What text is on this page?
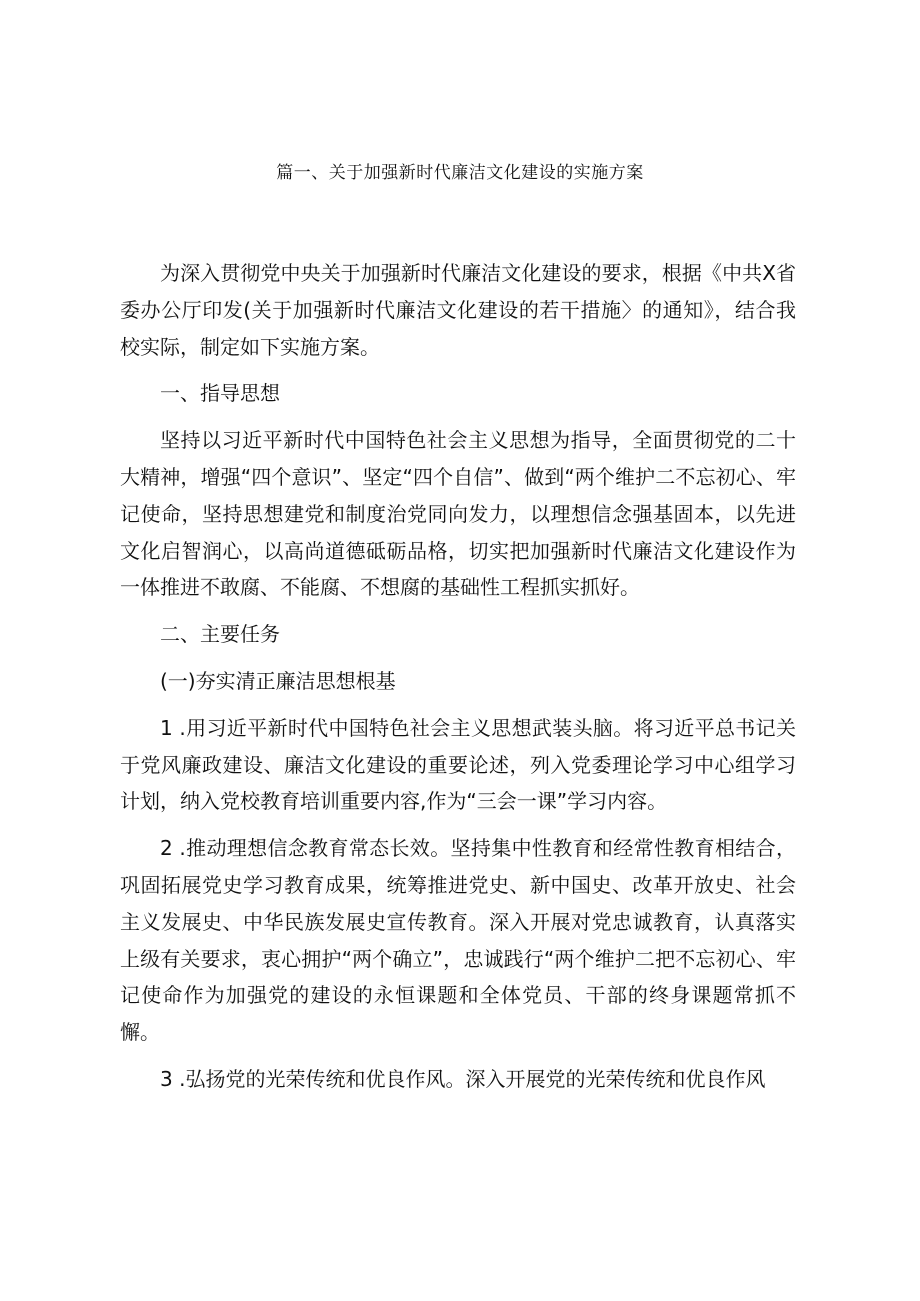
篇一、关于加强新时代廉洁文化建设的实施方案

为深入贯彻党中央关于加强新时代廉洁文化建设的要求，根据《中共X省委办公厅印发(关于加强新时代廉洁文化建设的若干措施〉的通知》，结合我校实际，制定如下实施方案。

一、指导思想

坚持以习近平新时代中国特色社会主义思想为指导，全面贯彻党的二十大精神，增强“四个意识”、坚定“四个自信”、做到“两个维护二不忘初心、牢记使命，坚持思想建党和制度治党同向发力，以理想信念强基固本，以先进文化启智润心，以高尚道德砥砺品格，切实把加强新时代廉洁文化建设作为一体推进不敢腐、不能腐、不想腐的基础性工程抓实抓好。

二、主要任务

(一)夯实清正廉洁思想根基

1 .用习近平新时代中国特色社会主义思想武装头脑。将习近平总书记关于党风廉政建设、廉洁文化建设的重要论述，列入党委理论学习中心组学习计划，纳入党校教育培训重要内容,作为“三会一课”学习内容。

2 .推动理想信念教育常态长效。坚持集中性教育和经常性教育相结合，巩固拓展党史学习教育成果，统筹推进党史、新中国史、改革开放史、社会主义发展史、中华民族发展史宣传教育。深入开展对党忠诚教育，认真落实上级有关要求，衷心拥护“两个确立”，忠诚践行“两个维护二把不忘初心、牢记使命作为加强党的建设的永恒课题和全体党员、干部的终身课题常抓不懈。

3 .弘扬党的光荣传统和优良作风。深入开展党的光荣传统和优良作风
